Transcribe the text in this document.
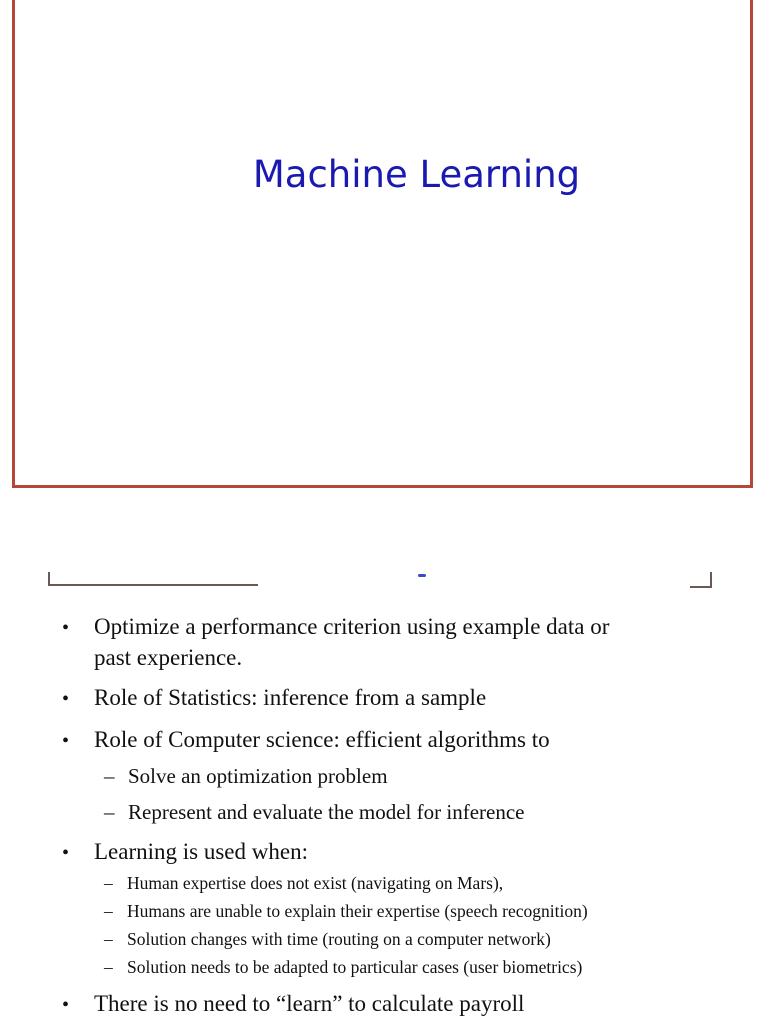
Machine Learning
• Optimize a performance criterion using example data or
past experience.
• Role of Statistics: inference from a sample
• Role of Computer science: efficient algorithms to
– Solve an optimization problem
– Represent and evaluate the model for inference
• Learning is used when:
– Human expertise does not exist (navigating on Mars),
– Humans are unable to explain their expertise (speech recognition)
– Solution changes with time (routing on a computer network)
– Solution needs to be adapted to particular cases (user biometrics)
• There is no need to “learn” to calculate payroll
